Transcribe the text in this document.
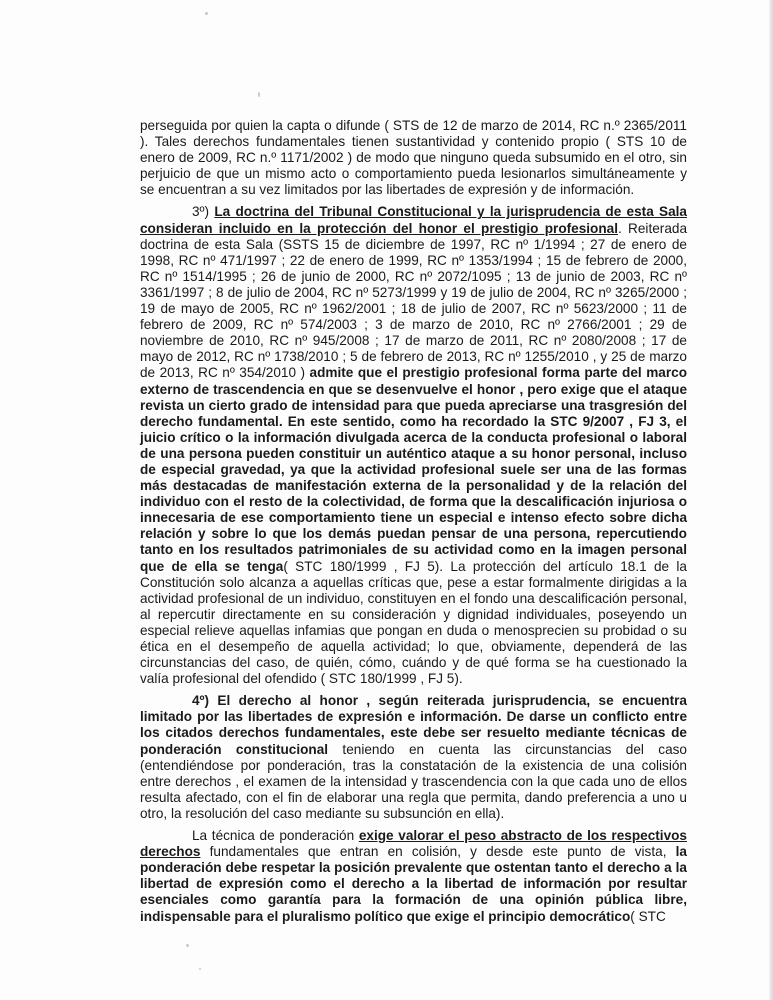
perseguida por quien la capta o difunde ( STS de 12 de marzo de 2014, RC n.º 2365/2011 ). Tales derechos fundamentales tienen sustantividad y contenido propio ( STS 10 de enero de 2009, RC n.º 1171/2002 ) de modo que ninguno queda subsumido en el otro, sin perjuicio de que un mismo acto o comportamiento pueda lesionarlos simultáneamente y se encuentran a su vez limitados por las libertades de expresión y de información.

3º) La doctrina del Tribunal Constitucional y la jurisprudencia de esta Sala consideran incluido en la protección del honor el prestigio profesional. Reiterada doctrina de esta Sala (SSTS 15 de diciembre de 1997, RC nº 1/1994 ; 27 de enero de 1998, RC nº 471/1997 ; 22 de enero de 1999, RC nº 1353/1994 ; 15 de febrero de 2000, RC nº 1514/1995 ; 26 de junio de 2000, RC nº 2072/1095 ; 13 de junio de 2003, RC nº 3361/1997 ; 8 de julio de 2004, RC nº 5273/1999 y 19 de julio de 2004, RC nº 3265/2000 ; 19 de mayo de 2005, RC nº 1962/2001 ; 18 de julio de 2007, RC nº 5623/2000 ; 11 de febrero de 2009, RC nº 574/2003 ; 3 de marzo de 2010, RC nº 2766/2001 ; 29 de noviembre de 2010, RC nº 945/2008 ; 17 de marzo de 2011, RC nº 2080/2008 ; 17 de mayo de 2012, RC nº 1738/2010 ; 5 de febrero de 2013, RC nº 1255/2010 , y 25 de marzo de 2013, RC nº 354/2010 ) admite que el prestigio profesional forma parte del marco externo de trascendencia en que se desenvuelve el honor , pero exige que el ataque revista un cierto grado de intensidad para que pueda apreciarse una trasgresión del derecho fundamental. En este sentido, como ha recordado la STC 9/2007 , FJ 3, el juicio crítico o la información divulgada acerca de la conducta profesional o laboral de una persona pueden constituir un auténtico ataque a su honor personal, incluso de especial gravedad, ya que la actividad profesional suele ser una de las formas más destacadas de manifestación externa de la personalidad y de la relación del individuo con el resto de la colectividad, de forma que la descalificación injuriosa o innecesaria de ese comportamiento tiene un especial e intenso efecto sobre dicha relación y sobre lo que los demás puedan pensar de una persona, repercutiendo tanto en los resultados patrimoniales de su actividad como en la imagen personal que de ella se tenga( STC 180/1999 , FJ 5). La protección del artículo 18.1 de la Constitución solo alcanza a aquellas críticas que, pese a estar formalmente dirigidas a la actividad profesional de un individuo, constituyen en el fondo una descalificación personal, al repercutir directamente en su consideración y dignidad individuales, poseyendo un especial relieve aquellas infamias que pongan en duda o menosprecien su probidad o su ética en el desempeño de aquella actividad; lo que, obviamente, dependerá de las circunstancias del caso, de quién, cómo, cuándo y de qué forma se ha cuestionado la valía profesional del ofendido ( STC 180/1999 , FJ 5).

4º) El derecho al honor , según reiterada jurisprudencia, se encuentra limitado por las libertades de expresión e información. De darse un conflicto entre los citados derechos fundamentales, este debe ser resuelto mediante técnicas de ponderación constitucional teniendo en cuenta las circunstancias del caso (entendiéndose por ponderación, tras la constatación de la existencia de una colisión entre derechos , el examen de la intensidad y trascendencia con la que cada uno de ellos resulta afectado, con el fin de elaborar una regla que permita, dando preferencia a uno u otro, la resolución del caso mediante su subsunción en ella).

La técnica de ponderación exige valorar el peso abstracto de los respectivos derechos fundamentales que entran en colisión, y desde este punto de vista, la ponderación debe respetar la posición prevalente que ostentan tanto el derecho a la libertad de expresión como el derecho a la libertad de información por resultar esenciales como garantía para la formación de una opinión pública libre, indispensable para el pluralismo político que exige el principio democrático( STC
